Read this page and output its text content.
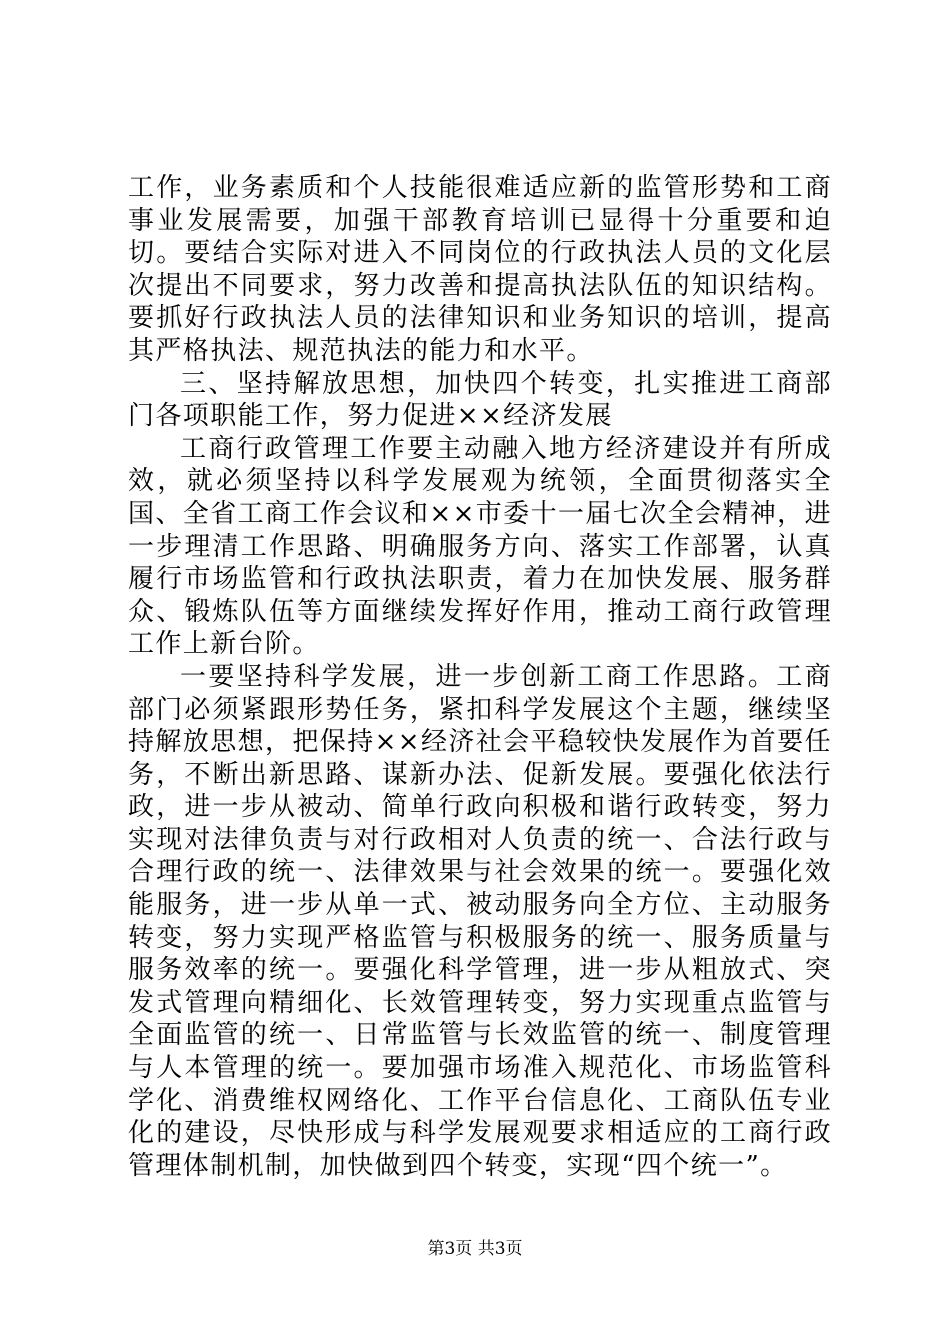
工作，业务素质和个人技能很难适应新的监管形势和工商事业发展需要，加强干部教育培训已显得十分重要和迫切。要结合实际对进入不同岗位的行政执法人员的文化层次提出不同要求，努力改善和提高执法队伍的知识结构。要抓好行政执法人员的法律知识和业务知识的培训，提高其严格执法、规范执法的能力和水平。

三、坚持解放思想，加快四个转变，扎实推进工商部门各项职能工作，努力促进××经济发展

工商行政管理工作要主动融入地方经济建设并有所成效，就必须坚持以科学发展观为统领，全面贯彻落实全国、全省工商工作会议和××市委十一届七次全会精神，进一步理清工作思路、明确服务方向、落实工作部署，认真履行市场监管和行政执法职责，着力在加快发展、服务群众、锻炼队伍等方面继续发挥好作用，推动工商行政管理工作上新台阶。

一要坚持科学发展，进一步创新工商工作思路。工商部门必须紧跟形势任务，紧扣科学发展这个主题，继续坚持解放思想，把保持××经济社会平稳较快发展作为首要任务，不断出新思路、谋新办法、促新发展。要强化依法行政，进一步从被动、简单行政向积极和谐行政转变，努力实现对法律负责与对行政相对人负责的统一、合法行政与合理行政的统一、法律效果与社会效果的统一。要强化效能服务，进一步从单一式、被动服务向全方位、主动服务转变，努力实现严格监管与积极服务的统一、服务质量与服务效率的统一。要强化科学管理，进一步从粗放式、突发式管理向精细化、长效管理转变，努力实现重点监管与全面监管的统一、日常监管与长效监管的统一、制度管理与人本管理的统一。要加强市场准入规范化、市场监管科学化、消费维权网络化、工作平台信息化、工商队伍专业化的建设，尽快形成与科学发展观要求相适应的工商行政管理体制机制，加快做到四个转变，实现“四个统一”。

第3页 共3页
